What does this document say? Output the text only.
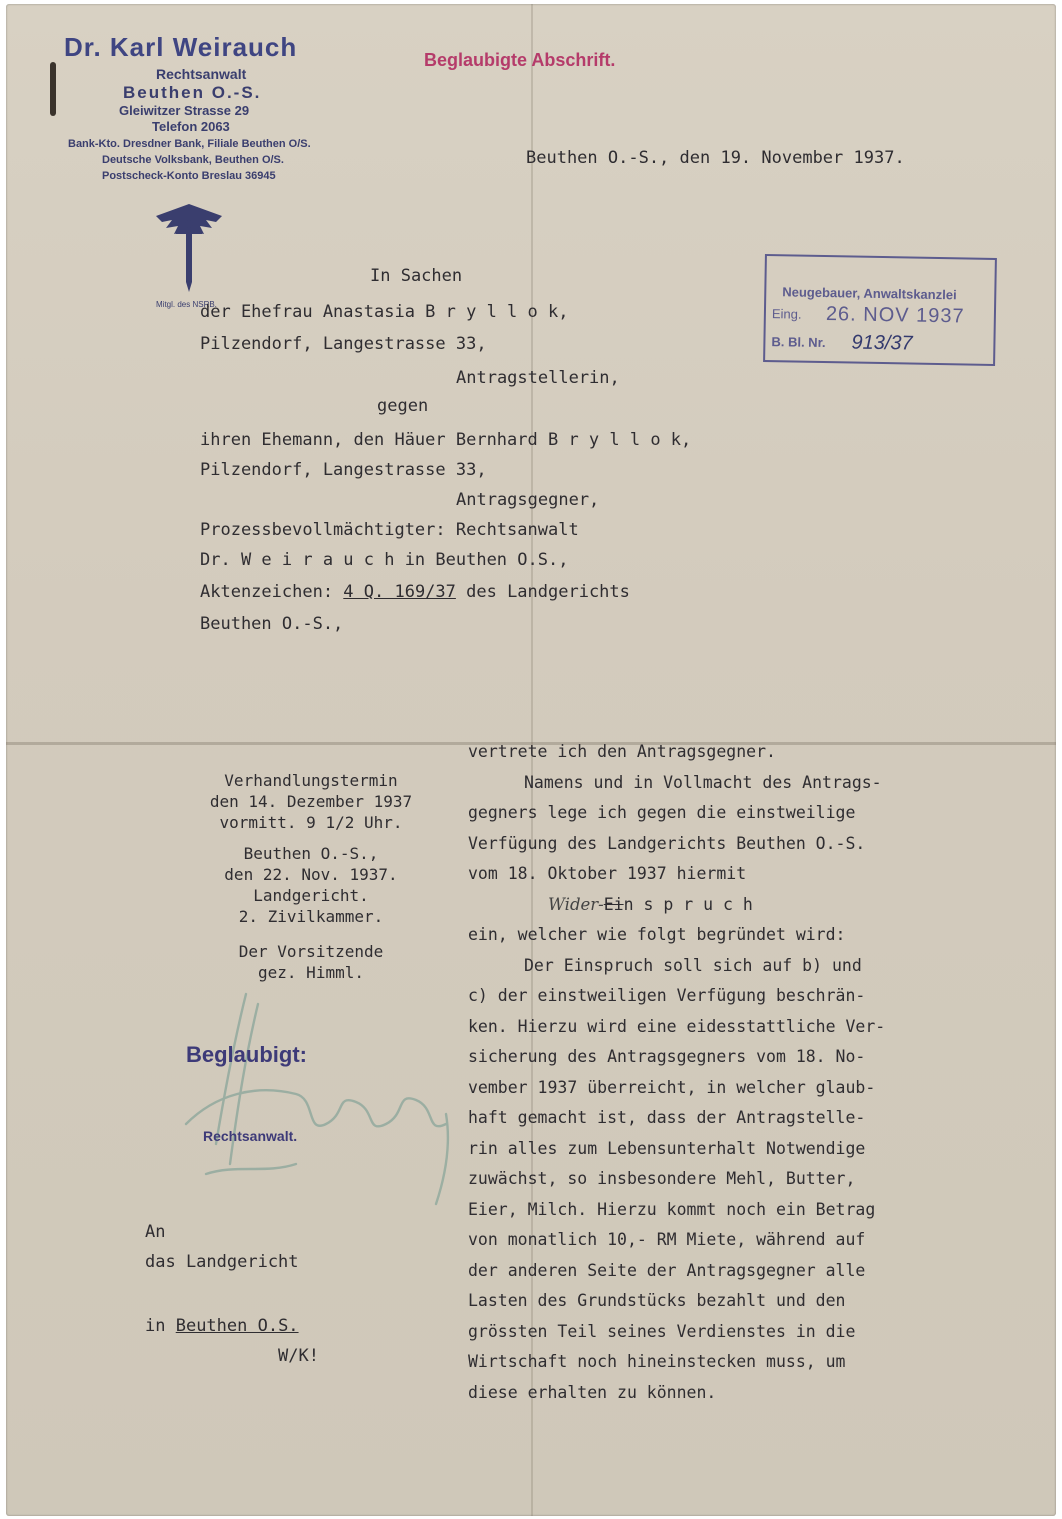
Dr. Karl Weirauch
Rechtsanwalt
Beuthen O.-S.
Gleiwitzer Strasse 29
Telefon 2063
Bank-Kto. Dresdner Bank, Filiale Beuthen O/S.
Deutsche Volksbank, Beuthen O/S.
Postscheck-Konto Breslau 36945
Mitgl. des NSRB.
Beglaubigte Abschrift.
Beuthen O.-S., den 19. November 1937.
Neugebauer, Anwaltskanzlei
Eing. 26. NOV 1937
B. Bl. Nr. 913/37
In Sachen
der Ehefrau Anastasia B r y l l o k,
Pilzendorf, Langestrasse 33,
Antragstellerin,
gegen
ihren Ehemann, den Häuer Bernhard B r y l l o k,
Pilzendorf, Langestrasse 33,
Antragsgegner,
Prozessbevollmächtigter: Rechtsanwalt
Dr. W e i r a u c h in Beuthen O.S.,
Aktenzeichen: 4 Q. 169/37 des Landgerichts
Beuthen O.-S.,
Verhandlungstermin
den 14. Dezember 1937
vormitt. 9 1/2 Uhr.
Beuthen O.-S.,
den 22. Nov. 1937.
Landgericht.
2. Zivilkammer.
Der Vorsitzende
gez. Himml.
vertrete ich den Antragsgegner.
Namens und in Vollmacht des Antrags-
gegners lege ich gegen die einstweilige
Verfügung des Landgerichts Beuthen O.-S.
vom 18. Oktober 1937 hiermit
Wider-Ein s p r u c h
ein, welcher wie folgt begründet wird:
Der Einspruch soll sich auf b) und
c) der einstweiligen Verfügung beschrän-
ken. Hierzu wird eine eidesstattliche Ver-
sicherung des Antragsgegners vom 18. No-
vember 1937 überreicht, in welcher glaub-
haft gemacht ist, dass der Antragstelle-
rin alles zum Lebensunterhalt Notwendige
zuwächst, so insbesondere Mehl, Butter,
Eier, Milch. Hierzu kommt noch ein Betrag
von monatlich 10,- RM Miete, während auf
der anderen Seite der Antragsgegner alle
Lasten des Grundstücks bezahlt und den
grössten Teil seines Verdienstes in die
Wirtschaft noch hineinstecken muss, um
diese erhalten zu können.
Beglaubigt:
Rechtsanwalt.
An
das Landgericht
in Beuthen O.S.
W/K!
